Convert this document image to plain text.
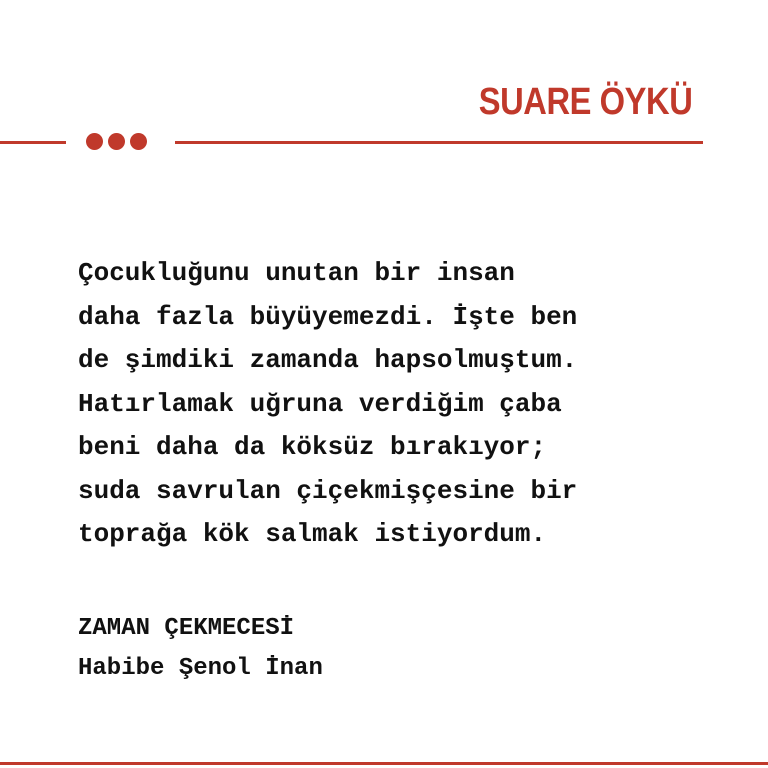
SUARE ÖYKÜ

Çocukluğunu unutan bir insan
daha fazla büyüyemezdi. İşte ben
de şimdiki zamanda hapsolmuştum.
Hatırlamak uğruna verdiğim çaba
beni daha da köksüz bırakıyor;
suda savrulan çiçekmişçesine bir
toprağa kök salmak istiyordum.

ZAMAN ÇEKMECESİ

Habibe Şenol İnan
